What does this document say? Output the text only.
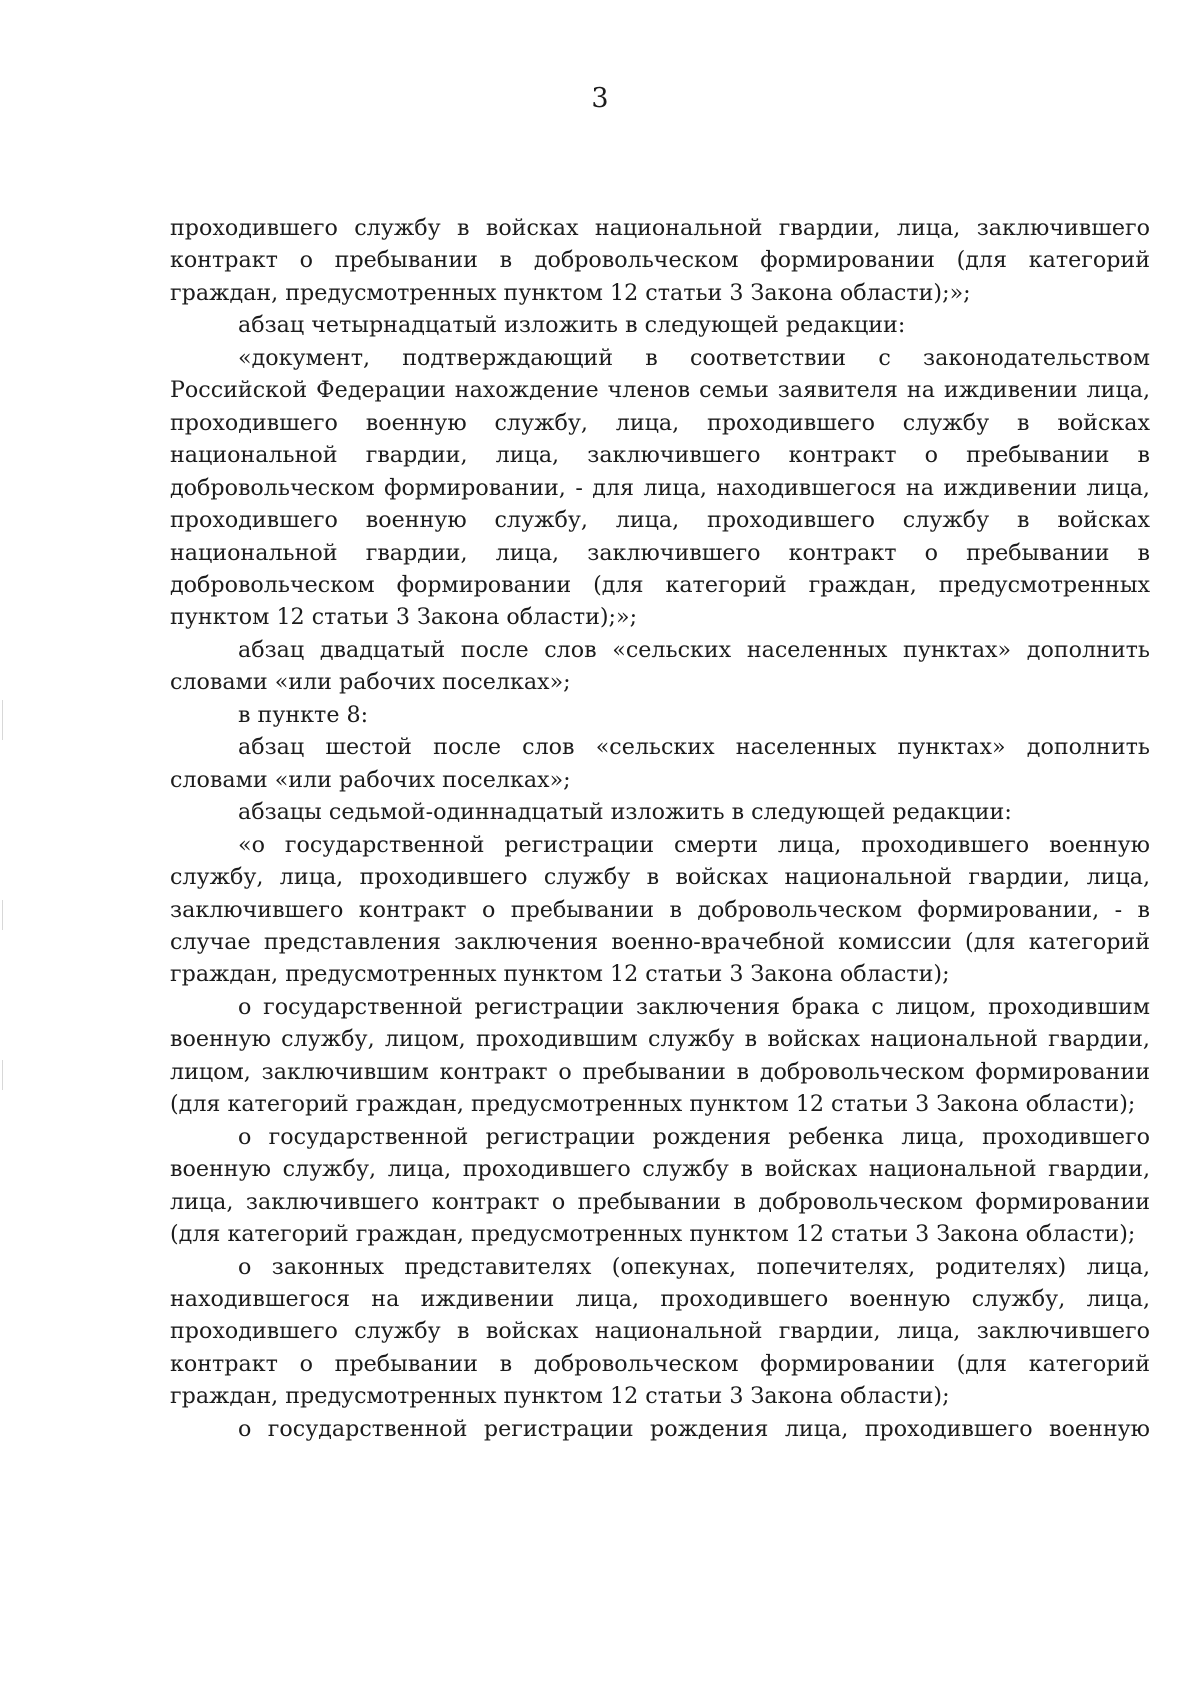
3

проходившего службу в войсках национальной гвардии, лица, заключившего контракт о пребывании в добровольческом формировании (для категорий граждан, предусмотренных пунктом 12 статьи 3 Закона области);»;

абзац четырнадцатый изложить в следующей редакции:

«документ, подтверждающий в соответствии с законодательством Российской Федерации нахождение членов семьи заявителя на иждивении лица, проходившего военную службу, лица, проходившего службу в войсках национальной гвардии, лица, заключившего контракт о пребывании в добровольческом формировании, - для лица, находившегося на иждивении лица, проходившего военную службу, лица, проходившего службу в войсках национальной гвардии, лица, заключившего контракт о пребывании в добровольческом формировании (для категорий граждан, предусмотренных пунктом 12 статьи 3 Закона области);»;

абзац двадцатый после слов «сельских населенных пунктах» дополнить словами «или рабочих поселках»;

в пункте 8:

абзац шестой после слов «сельских населенных пунктах» дополнить словами «или рабочих поселках»;

абзацы седьмой-одиннадцатый изложить в следующей редакции:

«о государственной регистрации смерти лица, проходившего военную службу, лица, проходившего службу в войсках национальной гвардии, лица, заключившего контракт о пребывании в добровольческом формировании, - в случае представления заключения военно-врачебной комиссии (для категорий граждан, предусмотренных пунктом 12 статьи 3 Закона области);

о государственной регистрации заключения брака с лицом, проходившим военную службу, лицом, проходившим службу в войсках национальной гвардии, лицом, заключившим контракт о пребывании в добровольческом формировании (для категорий граждан, предусмотренных пунктом 12 статьи 3 Закона области);

о государственной регистрации рождения ребенка лица, проходившего военную службу, лица, проходившего службу в войсках национальной гвардии, лица, заключившего контракт о пребывании в добровольческом формировании (для категорий граждан, предусмотренных пунктом 12 статьи 3 Закона области);

о законных представителях (опекунах, попечителях, родителях) лица, находившегося на иждивении лица, проходившего военную службу, лица, проходившего службу в войсках национальной гвардии, лица, заключившего контракт о пребывании в добровольческом формировании (для категорий граждан, предусмотренных пунктом 12 статьи 3 Закона области);

о государственной регистрации рождения лица, проходившего военную
